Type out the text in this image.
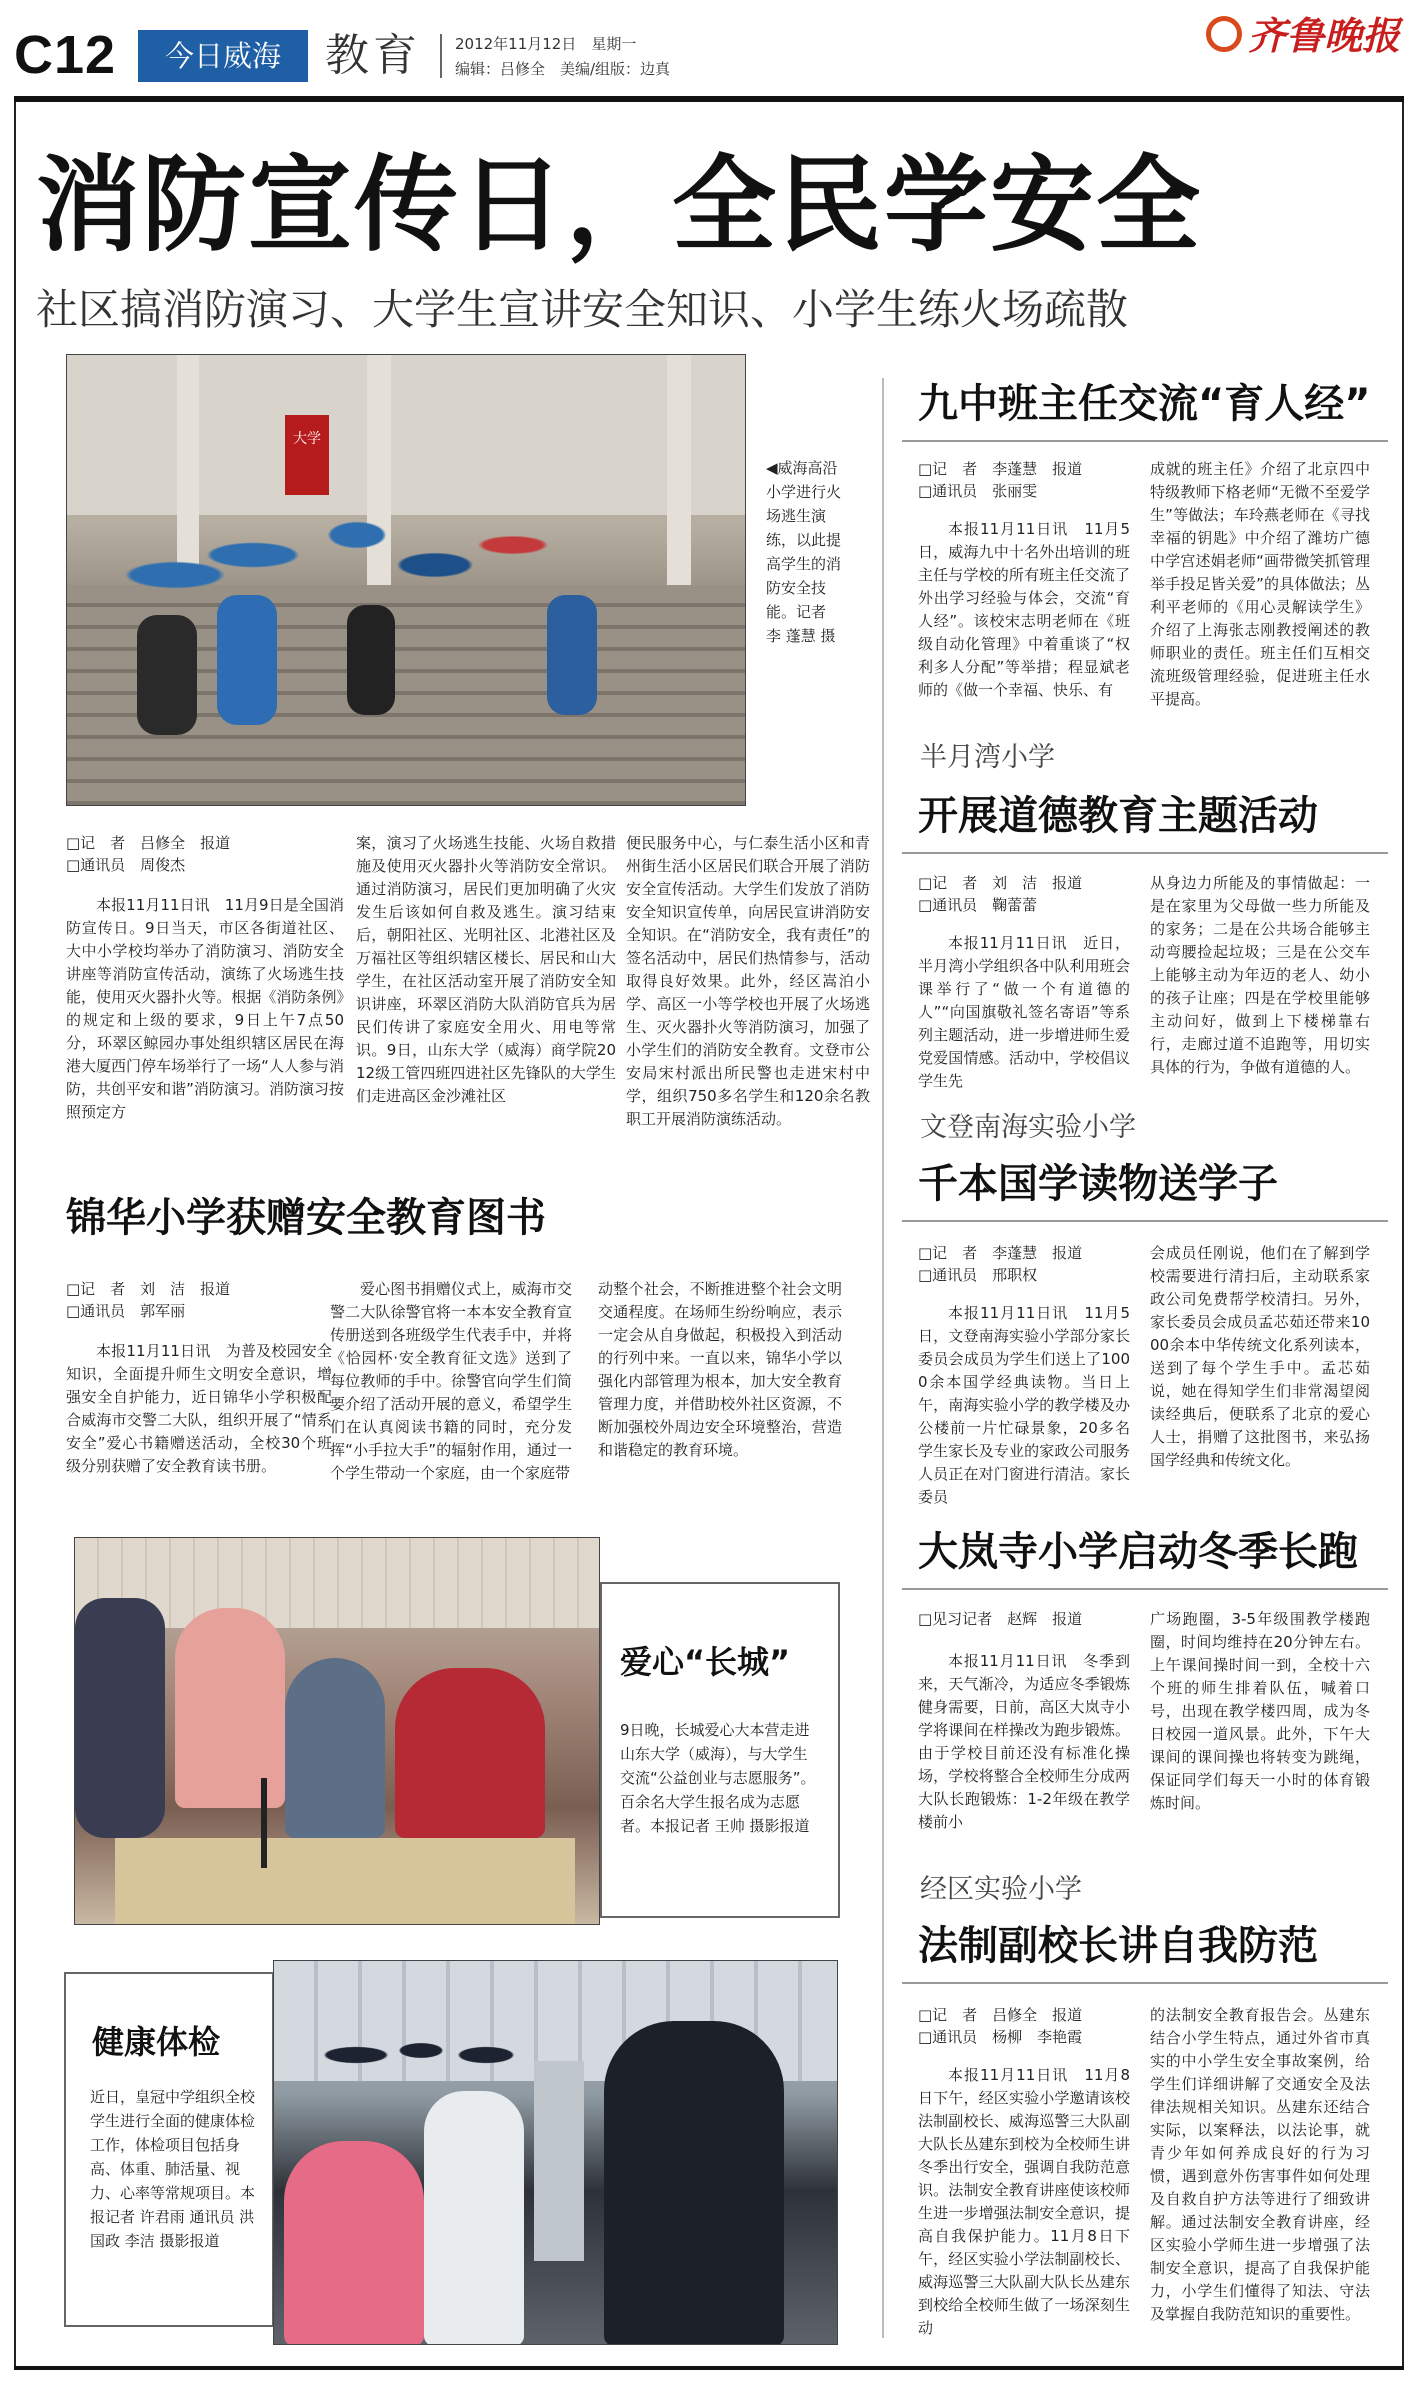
C12	今日威海	教育 2012年11月12日　星期一
编辑：吕修全　美编/组版：边真
齐鲁晚报
消防宣传日，全民学安全
社区搞消防演习、大学生宣讲安全知识、小学生练火场疏散
大学
◀威海高沿小学进行火场逃生演练，以此提高学生的消防安全技能。记者 李 蓬慧 摄
□记　者　吕修全　报道
□通讯员　周俊杰
本报11月11日讯　11月9日是全国消防宣传日。9日当天，市区各街道社区、大中小学校均举办了消防演习、消防安全讲座等消防宣传活动，演练了火场逃生技能，使用灭火器扑火等。根据《消防条例》的规定和上级的要求，9日上午7点50分，环翠区鲸园办事处组织辖区居民在海港大厦西门停车场举行了一场“人人参与消防，共创平安和谐”消防演习。消防演习按照预定方
案，演习了火场逃生技能、火场自救措施及使用灭火器扑火等消防安全常识。通过消防演习，居民们更加明确了火灾发生后该如何自救及逃生。演习结束后，朝阳社区、光明社区、北港社区及万福社区等组织辖区楼长、居民和山大学生，在社区活动室开展了消防安全知识讲座，环翠区消防大队消防官兵为居民们传讲了家庭安全用火、用电等常识。9日，山东大学（威海）商学院2012级工管四班四进社区先锋队的大学生们走进高区金沙滩社区
便民服务中心，与仁泰生活小区和青州街生活小区居民们联合开展了消防安全宣传活动。大学生们发放了消防安全知识宣传单，向居民宣讲消防安全知识。在“消防安全，我有责任”的签名活动中，居民们热情参与，活动取得良好效果。此外，经区嵩泊小学、高区一小等学校也开展了火场逃生、灭火器扑火等消防演习，加强了小学生们的消防安全教育。文登市公安局宋村派出所民警也走进宋村中学，组织750多名学生和120余名教职工开展消防演练活动。
锦华小学获赠安全教育图书
□记　者　刘　洁　报道
□通讯员　郭军丽
本报11月11日讯　为普及校园安全知识，全面提升师生文明安全意识，增强安全自护能力，近日锦华小学积极配合威海市交警二大队，组织开展了“情系安全”爱心书籍赠送活动，全校30个班级分别获赠了安全教育读书册。
爱心图书捐赠仪式上，威海市交警二大队徐警官将一本本安全教育宣传册送到各班级学生代表手中，并将《恰园杯·安全教育征文选》送到了每位教师的手中。徐警官向学生们简要介绍了活动开展的意义，希望学生们在认真阅读书籍的同时，充分发挥“小手拉大手”的辐射作用，通过一个学生带动一个家庭，由一个家庭带
动整个社会，不断推进整个社会文明交通程度。在场师生纷纷响应，表示一定会从自身做起，积极投入到活动的行列中来。一直以来，锦华小学以强化内部管理为根本，加大安全教育管理力度，并借助校外社区资源，不断加强校外周边安全环境整治，营造和谐稳定的教育环境。
爱心“长城”
9日晚，长城爱心大本营走进山东大学（威海），与大学生交流“公益创业与志愿服务”。百余名大学生报名成为志愿者。本报记者 王帅 摄影报道
健康体检
近日，皇冠中学组织全校学生进行全面的健康体检工作，体检项目包括身高、体重、肺活量、视力、心率等常规项目。本报记者 许君雨 通讯员 洪国政 李洁 摄影报道
九中班主任交流“育人经”
□记　者　李蓬慧　报道
□通讯员　张丽雯
本报11月11日讯　11月5日，威海九中十名外出培训的班主任与学校的所有班主任交流了外出学习经验与体会，交流“育人经”。该校宋志明老师在《班级自动化管理》中着重谈了“权利多人分配”等举措；程显斌老师的《做一个幸福、快乐、有
成就的班主任》介绍了北京四中特级教师下格老师“无微不至爱学生”等做法；车玲燕老师在《寻找幸福的钥匙》中介绍了潍坊广德中学宫述娟老师“画带微笑抓管理　举手投足皆关爱”的具体做法；丛利平老师的《用心灵解读学生》介绍了上海张志刚教授阐述的教师职业的责任。班主任们互相交流班级管理经验，促进班主任水平提高。
半月湾小学
开展道德教育主题活动
□记　者　刘　洁　报道
□通讯员　鞠蕾蕾
本报11月11日讯　近日，半月湾小学组织各中队利用班会课举行了“做一个有道德的人”“向国旗敬礼签名寄语”等系列主题活动，进一步增进师生爱党爱国情感。活动中，学校倡议学生先
从身边力所能及的事情做起：一是在家里为父母做一些力所能及的家务；二是在公共场合能够主动弯腰捡起垃圾；三是在公交车上能够主动为年迈的老人、幼小的孩子让座；四是在学校里能够主动问好，做到上下楼梯靠右行，走廊过道不追跑等，用切实具体的行为，争做有道德的人。
文登南海实验小学
千本国学读物送学子
□记　者　李蓬慧　报道
□通讯员　邢职权
本报11月11日讯　11月5日，文登南海实验小学部分家长委员会成员为学生们送上了1000余本国学经典读物。当日上午，南海实验小学的教学楼及办公楼前一片忙碌景象，20多名学生家长及专业的家政公司服务人员正在对门窗进行清洁。家长委员
会成员任刚说，他们在了解到学校需要进行清扫后，主动联系家政公司免费帮学校清扫。另外，家长委员会成员孟芯茹还带来1000余本中华传统文化系列读本，送到了每个学生手中。孟芯茹说，她在得知学生们非常渴望阅读经典后，便联系了北京的爱心人士，捐赠了这批图书，来弘扬国学经典和传统文化。
大岚寺小学启动冬季长跑
□见习记者　赵辉　报道
本报11月11日讯　冬季到来，天气渐冷，为适应冬季锻炼健身需要，日前，高区大岚寺小学将课间在样操改为跑步锻炼。由于学校目前还没有标准化操场，学校将整合全校师生分成两大队长跑锻炼：1-2年级在教学楼前小
广场跑圈，3-5年级围教学楼跑圈，时间均维持在20分钟左右。上午课间操时间一到，全校十六个班的师生排着队伍，喊着口号，出现在教学楼四周，成为冬日校园一道风景。此外，下午大课间的课间操也将转变为跳绳，保证同学们每天一小时的体育锻炼时间。
经区实验小学
法制副校长讲自我防范
□记　者　吕修全　报道
□通讯员　杨柳　李艳霞
本报11月11日讯　11月8日下午，经区实验小学邀请该校法制副校长、威海巡警三大队副大队长丛建东到校为全校师生讲冬季出行安全，强调自我防范意识。法制安全教育讲座使该校师生进一步增强法制安全意识，提高自我保护能力。11月8日下午，经区实验小学法制副校长、威海巡警三大队副大队长丛建东到校给全校师生做了一场深刻生动
的法制安全教育报告会。丛建东结合小学生特点，通过外省市真实的中小学生安全事故案例，给学生们详细讲解了交通安全及法律法规相关知识。丛建东还结合实际，以案释法，以法论事，就青少年如何养成良好的行为习惯，遇到意外伤害事件如何处理及自救自护方法等进行了细致讲解。通过法制安全教育讲座，经区实验小学师生进一步增强了法制安全意识，提高了自我保护能力，小学生们懂得了知法、守法及掌握自我防范知识的重要性。
